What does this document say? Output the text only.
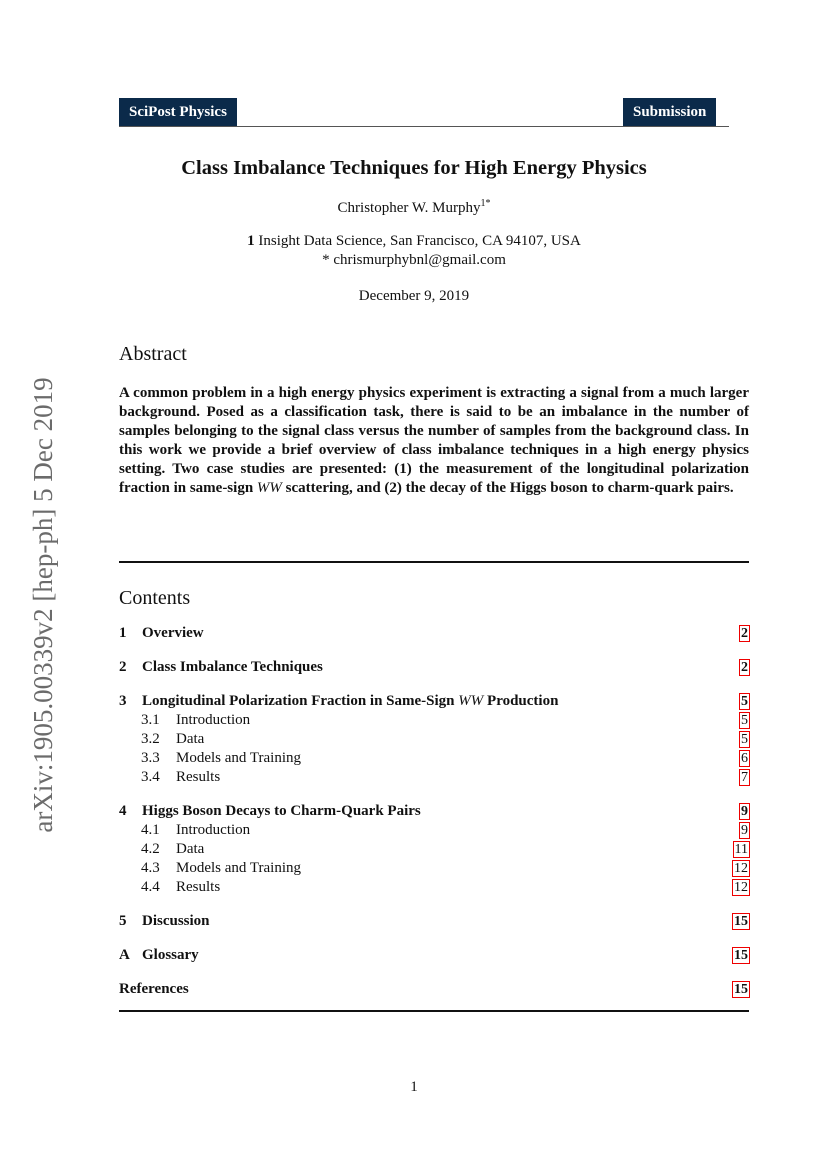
SciPost Physics	Submission
Class Imbalance Techniques for High Energy Physics
Christopher W. Murphy$^{1*}$
1 Insight Data Science, San Francisco, CA 94107, USA
* chrismurphybnl@gmail.com
December 9, 2019
Abstract
A common problem in a high energy physics experiment is extracting a signal from a much larger background. Posed as a classification task, there is said to be an imbalance in the number of samples belonging to the signal class versus the number of samples from the background class. In this work we provide a brief overview of class imbalance techniques in a high energy physics setting. Two case studies are presented: (1) the measurement of the longitudinal polarization fraction in same-sign WW scattering, and (2) the decay of the Higgs boson to charm-quark pairs.
Contents
1 Overview	2
2 Class Imbalance Techniques	2
3 Longitudinal Polarization Fraction in Same-Sign WW Production	5
3.1 Introduction	5
3.2 Data	5
3.3 Models and Training	6
3.4 Results	7
4 Higgs Boson Decays to Charm-Quark Pairs	9
4.1 Introduction	9
4.2 Data	11
4.3 Models and Training	12
4.4 Results	12
5 Discussion	15
A Glossary	15
References	15
arXiv:1905.00339v2 [hep-ph] 5 Dec 2019
1
